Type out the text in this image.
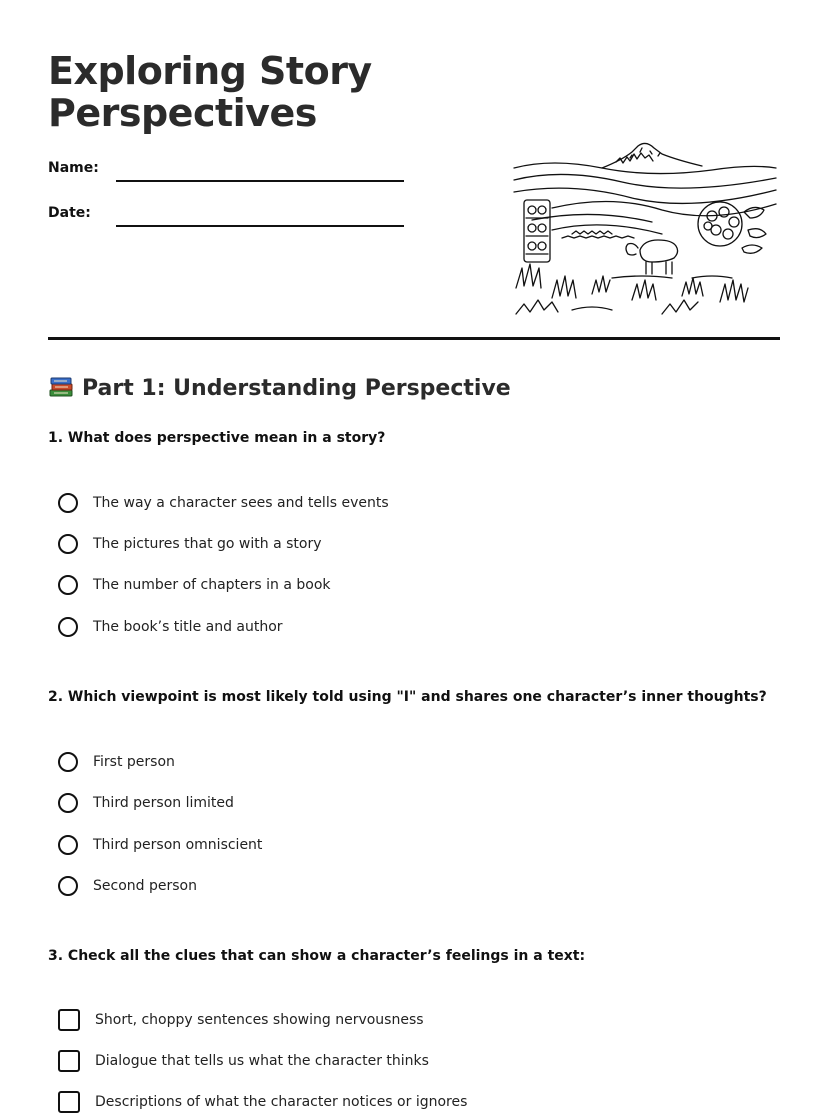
Exploring Story
Perspectives
Name:
Date:
Part 1: Understanding Perspective

1. What does perspective mean in a story?

The way a character sees and tells events
The pictures that go with a story
The number of chapters in a book
The book’s title and author

2. Which viewpoint is most likely told using "I" and shares one character’s inner thoughts?

First person
Third person limited
Third person omniscient
Second person

3. Check all the clues that can show a character’s feelings in a text:

Short, choppy sentences showing nervousness
Dialogue that tells us what the character thinks
Descriptions of what the character notices or ignores
